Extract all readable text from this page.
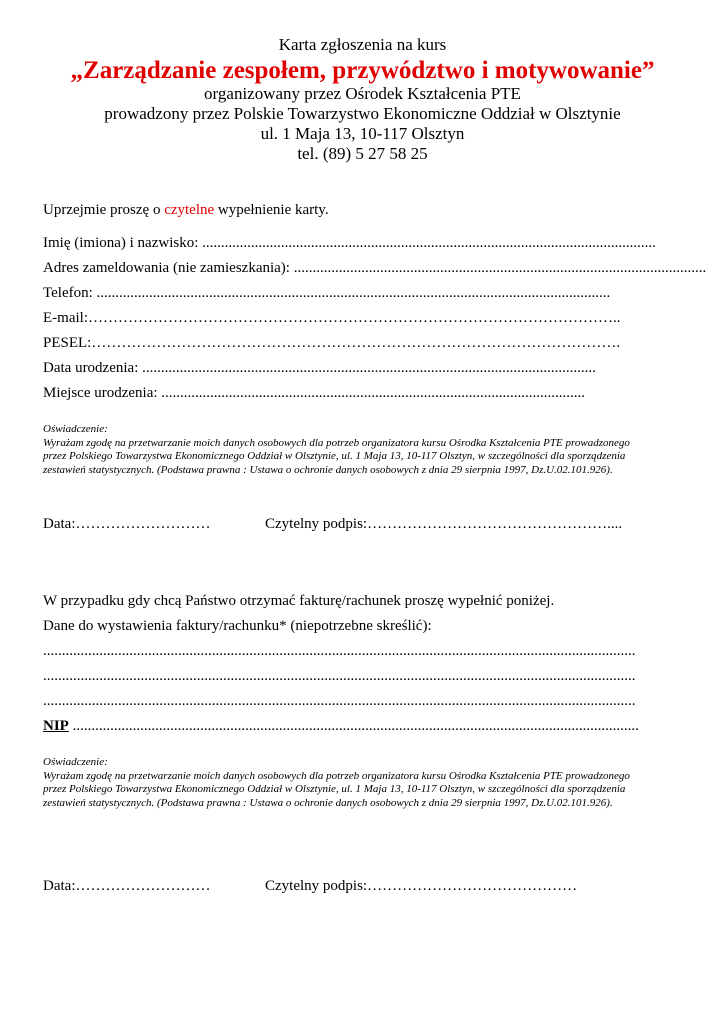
Karta zgłoszenia na kurs
„Zarządzanie zespołem, przywództwo i motywowanie”
organizowany przez Ośrodek Kształcenia PTE
prowadzony przez Polskie Towarzystwo Ekonomiczne Oddział w Olsztynie
ul. 1 Maja 13, 10-117 Olsztyn
tel. (89) 5 27 58 25
Uprzejmie proszę o czytelne wypełnienie karty.
Imię (imiona) i nazwisko: .........................................................................................................................
Adres zameldowania (nie zamieszkania): ..............................................................................................................
Telefon: .........................................................................................................................................
E-mail:……………………………………………………………………………………………..
PESEL:…………………………………………………………………………………………….
Data urodzenia: .........................................................................................................................
Miejsce urodzenia: .................................................................................................................
Oświadczenie:
Wyrażam zgodę na przetwarzanie moich danych osobowych dla potrzeb organizatora kursu Ośrodka Kształcenia PTE prowadzonego przez Polskiego Towarzystwa Ekonomicznego Oddział w Olsztynie, ul. 1 Maja 13, 10-117 Olsztyn, w szczególności dla sporządzenia zestawień statystycznych. (Podstawa prawna : Ustawa o ochronie danych osobowych z dnia 29 sierpnia 1997, Dz.U.02.101.926).
Data:………………………	Czytelny podpis:…………………………………………....
W przypadku gdy chcą Państwo otrzymać fakturę/rachunek proszę wypełnić poniżej.
Dane do wystawienia faktury/rachunku* (niepotrzebne skreślić):
..............................................................................................................................................................
..............................................................................................................................................................
..............................................................................................................................................................
NIP .......................................................................................................................................................
Oświadczenie:
Wyrażam zgodę na przetwarzanie moich danych osobowych dla potrzeb organizatora kursu Ośrodka Kształcenia PTE prowadzonego przez Polskiego Towarzystwa Ekonomicznego Oddział w Olsztynie, ul. 1 Maja 13, 10-117 Olsztyn, w szczególności dla sporządzenia zestawień statystycznych. (Podstawa prawna : Ustawa o ochronie danych osobowych z dnia 29 sierpnia 1997, Dz.U.02.101.926).
Data:………………………	Czytelny podpis:……………………………………
